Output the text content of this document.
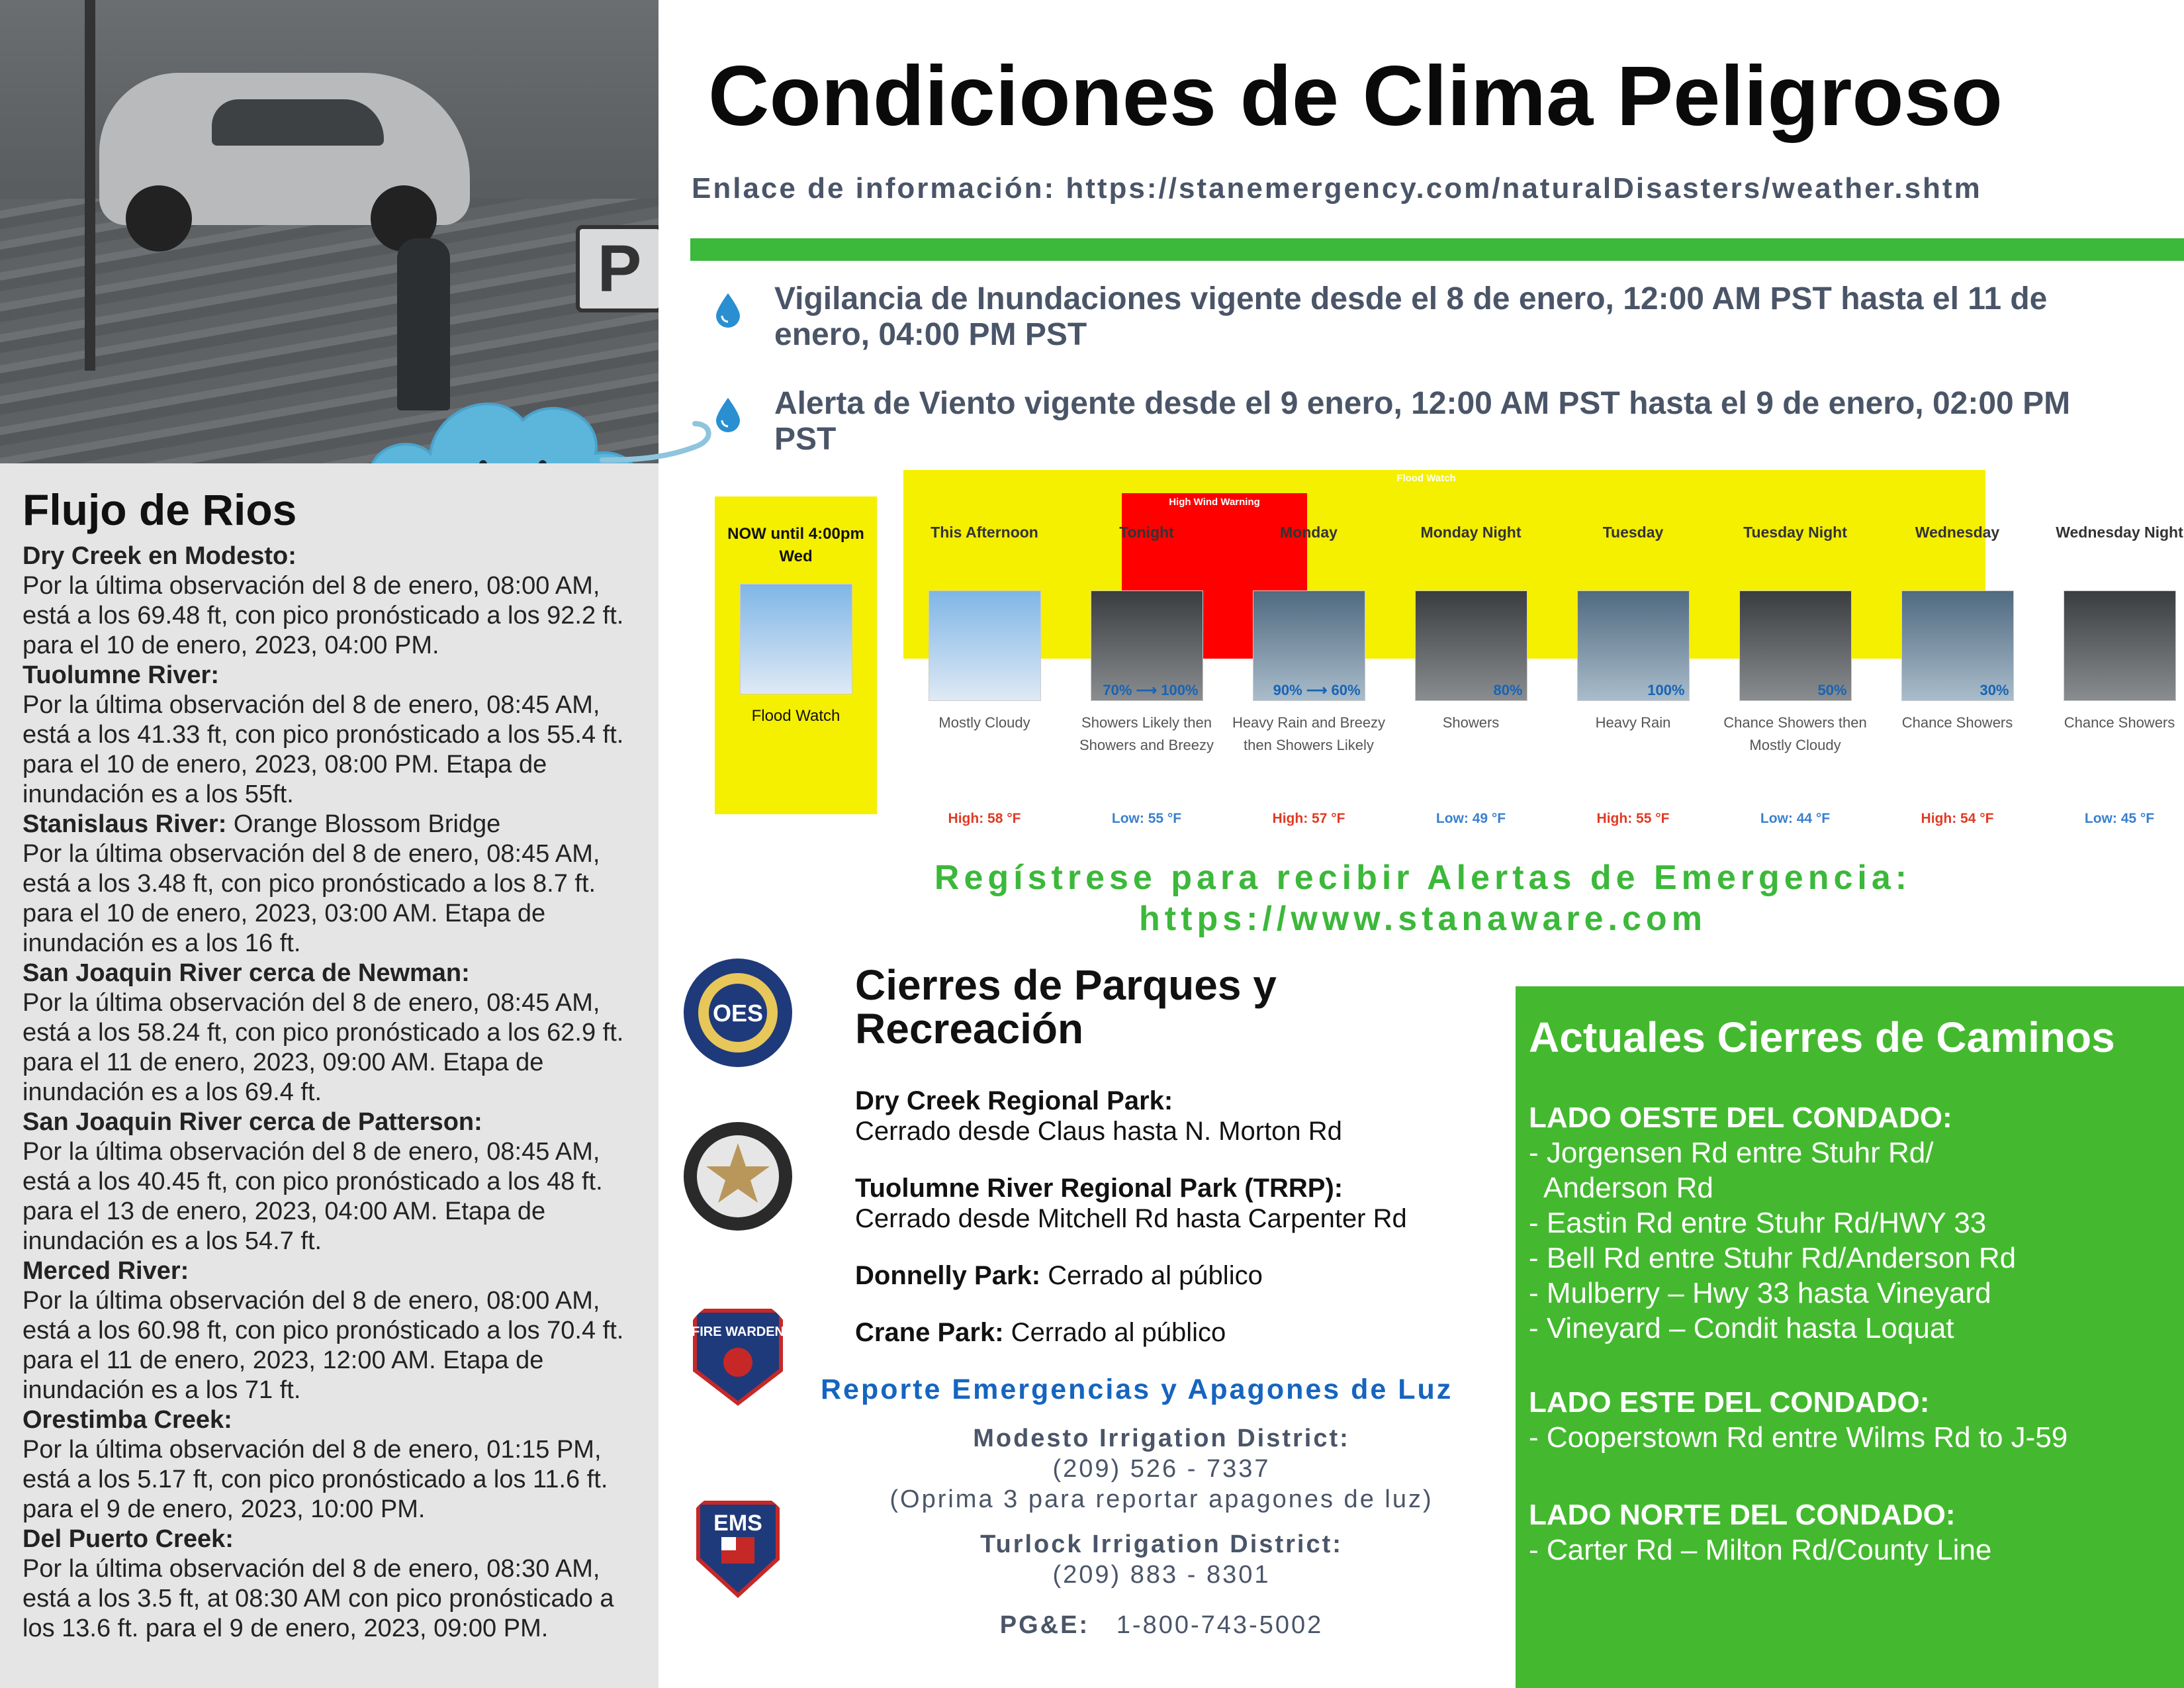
P
Flujo de Rios

Dry Creek en Modesto:
Por la última observación del 8 de enero, 08:00 AM, está a los 69.48 ft, con pico pronósticado a los 92.2 ft. para el 10 de enero, 2023, 04:00 PM.

Tuolumne River:
Por la última observación del 8 de enero, 08:45 AM, está a los 41.33 ft, con pico pronósticado a los 55.4 ft. para el 10 de enero, 2023, 08:00 PM. Etapa de inundación es a los 55ft.

Stanislaus River: Orange Blossom Bridge
Por la última observación del 8 de enero, 08:45 AM, está a los 3.48 ft, con pico pronósticado a los 8.7 ft. para el 10 de enero, 2023, 03:00 AM. Etapa de inundación es a los 16 ft.

San Joaquin River cerca de Newman:
Por la última observación del 8 de enero, 08:45 AM, está a los 58.24 ft, con pico pronósticado a los 62.9 ft. para el 11 de enero, 2023, 09:00 AM. Etapa de inundación es a los 69.4 ft.

San Joaquin River cerca de Patterson:
Por la última observación del 8 de enero, 08:45 AM, está a los 40.45 ft, con pico pronósticado a los 48 ft. para el 13 de enero, 2023, 04:00 AM. Etapa de inundación es a los 54.7 ft.

Merced River:
Por la última observación del 8 de enero, 08:00 AM, está a los 60.98 ft, con pico pronósticado a los 70.4 ft. para el 11 de enero, 2023, 12:00 AM. Etapa de inundación es a los 71 ft.

Orestimba Creek:
Por la última observación del 8 de enero, 01:15 PM, está a los 5.17 ft, con pico pronósticado a los 11.6 ft. para el 9 de enero, 2023, 10:00 PM.

Del Puerto Creek:
Por la última observación del 8 de enero, 08:30 AM, está a los 3.5 ft, at 08:30 AM con pico pronósticado a los 13.6 ft. para el 9 de enero, 2023, 09:00 PM.

Condiciones de Clima Peligroso
Enlace de información: https://stanemergency.com/naturalDisasters/weather.shtm
Vigilancia de Inundaciones vigente desde el 8 de enero, 12:00 AM PST hasta el 11 de enero, 04:00 PM PST
Alerta de Viento vigente desde el 9 enero, 12:00 AM PST hasta el 9 de enero, 02:00 PM PST
Flood Watch
High Wind Warning
NOW until 4:00pm Wed
Flood Watch
This Afternoon
Mostly Cloudy
High: 58 °F
Tonight
70% ⟶ 100%
Showers Likely then Showers and Breezy
Low: 55 °F
Monday
90% ⟶ 60%
Heavy Rain and Breezy then Showers Likely
High: 57 °F
Monday Night
80%
Showers
Low: 49 °F
Tuesday
100%
Heavy Rain
High: 55 °F
Tuesday Night
50%
Chance Showers then Mostly Cloudy
Low: 44 °F
Wednesday
30%
Chance Showers
High: 54 °F
Wednesday Night
Chance Showers
Low: 45 °F
Regístrese para recibir Alertas de Emergencia:
https://www.stanaware.com
OES
FIRE WARDEN
EMS
Cierres de Parques y
Recreación
Dry Creek Regional Park:
Cerrado desde Claus hasta N. Morton Rd
Tuolumne River Regional Park (TRRP):
Cerrado desde Mitchell Rd hasta Carpenter Rd
Donnelly Park: Cerrado al público
Crane Park: Cerrado al público
Reporte Emergencias y Apagones de Luz
Modesto Irrigation District:
(209) 526 - 7337
(Oprima 3 para reportar apagones de luz)
Turlock Irrigation District:
(209) 883 - 8301
PG&E: 1-800-743-5002
Actuales Cierres de Caminos
LADO OESTE DEL CONDADO:
- Jorgensen Rd entre Stuhr Rd/
Anderson Rd
- Eastin Rd entre Stuhr Rd/HWY 33
- Bell Rd entre Stuhr Rd/Anderson Rd
- Mulberry – Hwy 33 hasta Vineyard
- Vineyard – Condit hasta Loquat
LADO ESTE DEL CONDADO:
- Cooperstown Rd entre Wilms Rd to J-59
LADO NORTE DEL CONDADO:
- Carter Rd – Milton Rd/County Line
